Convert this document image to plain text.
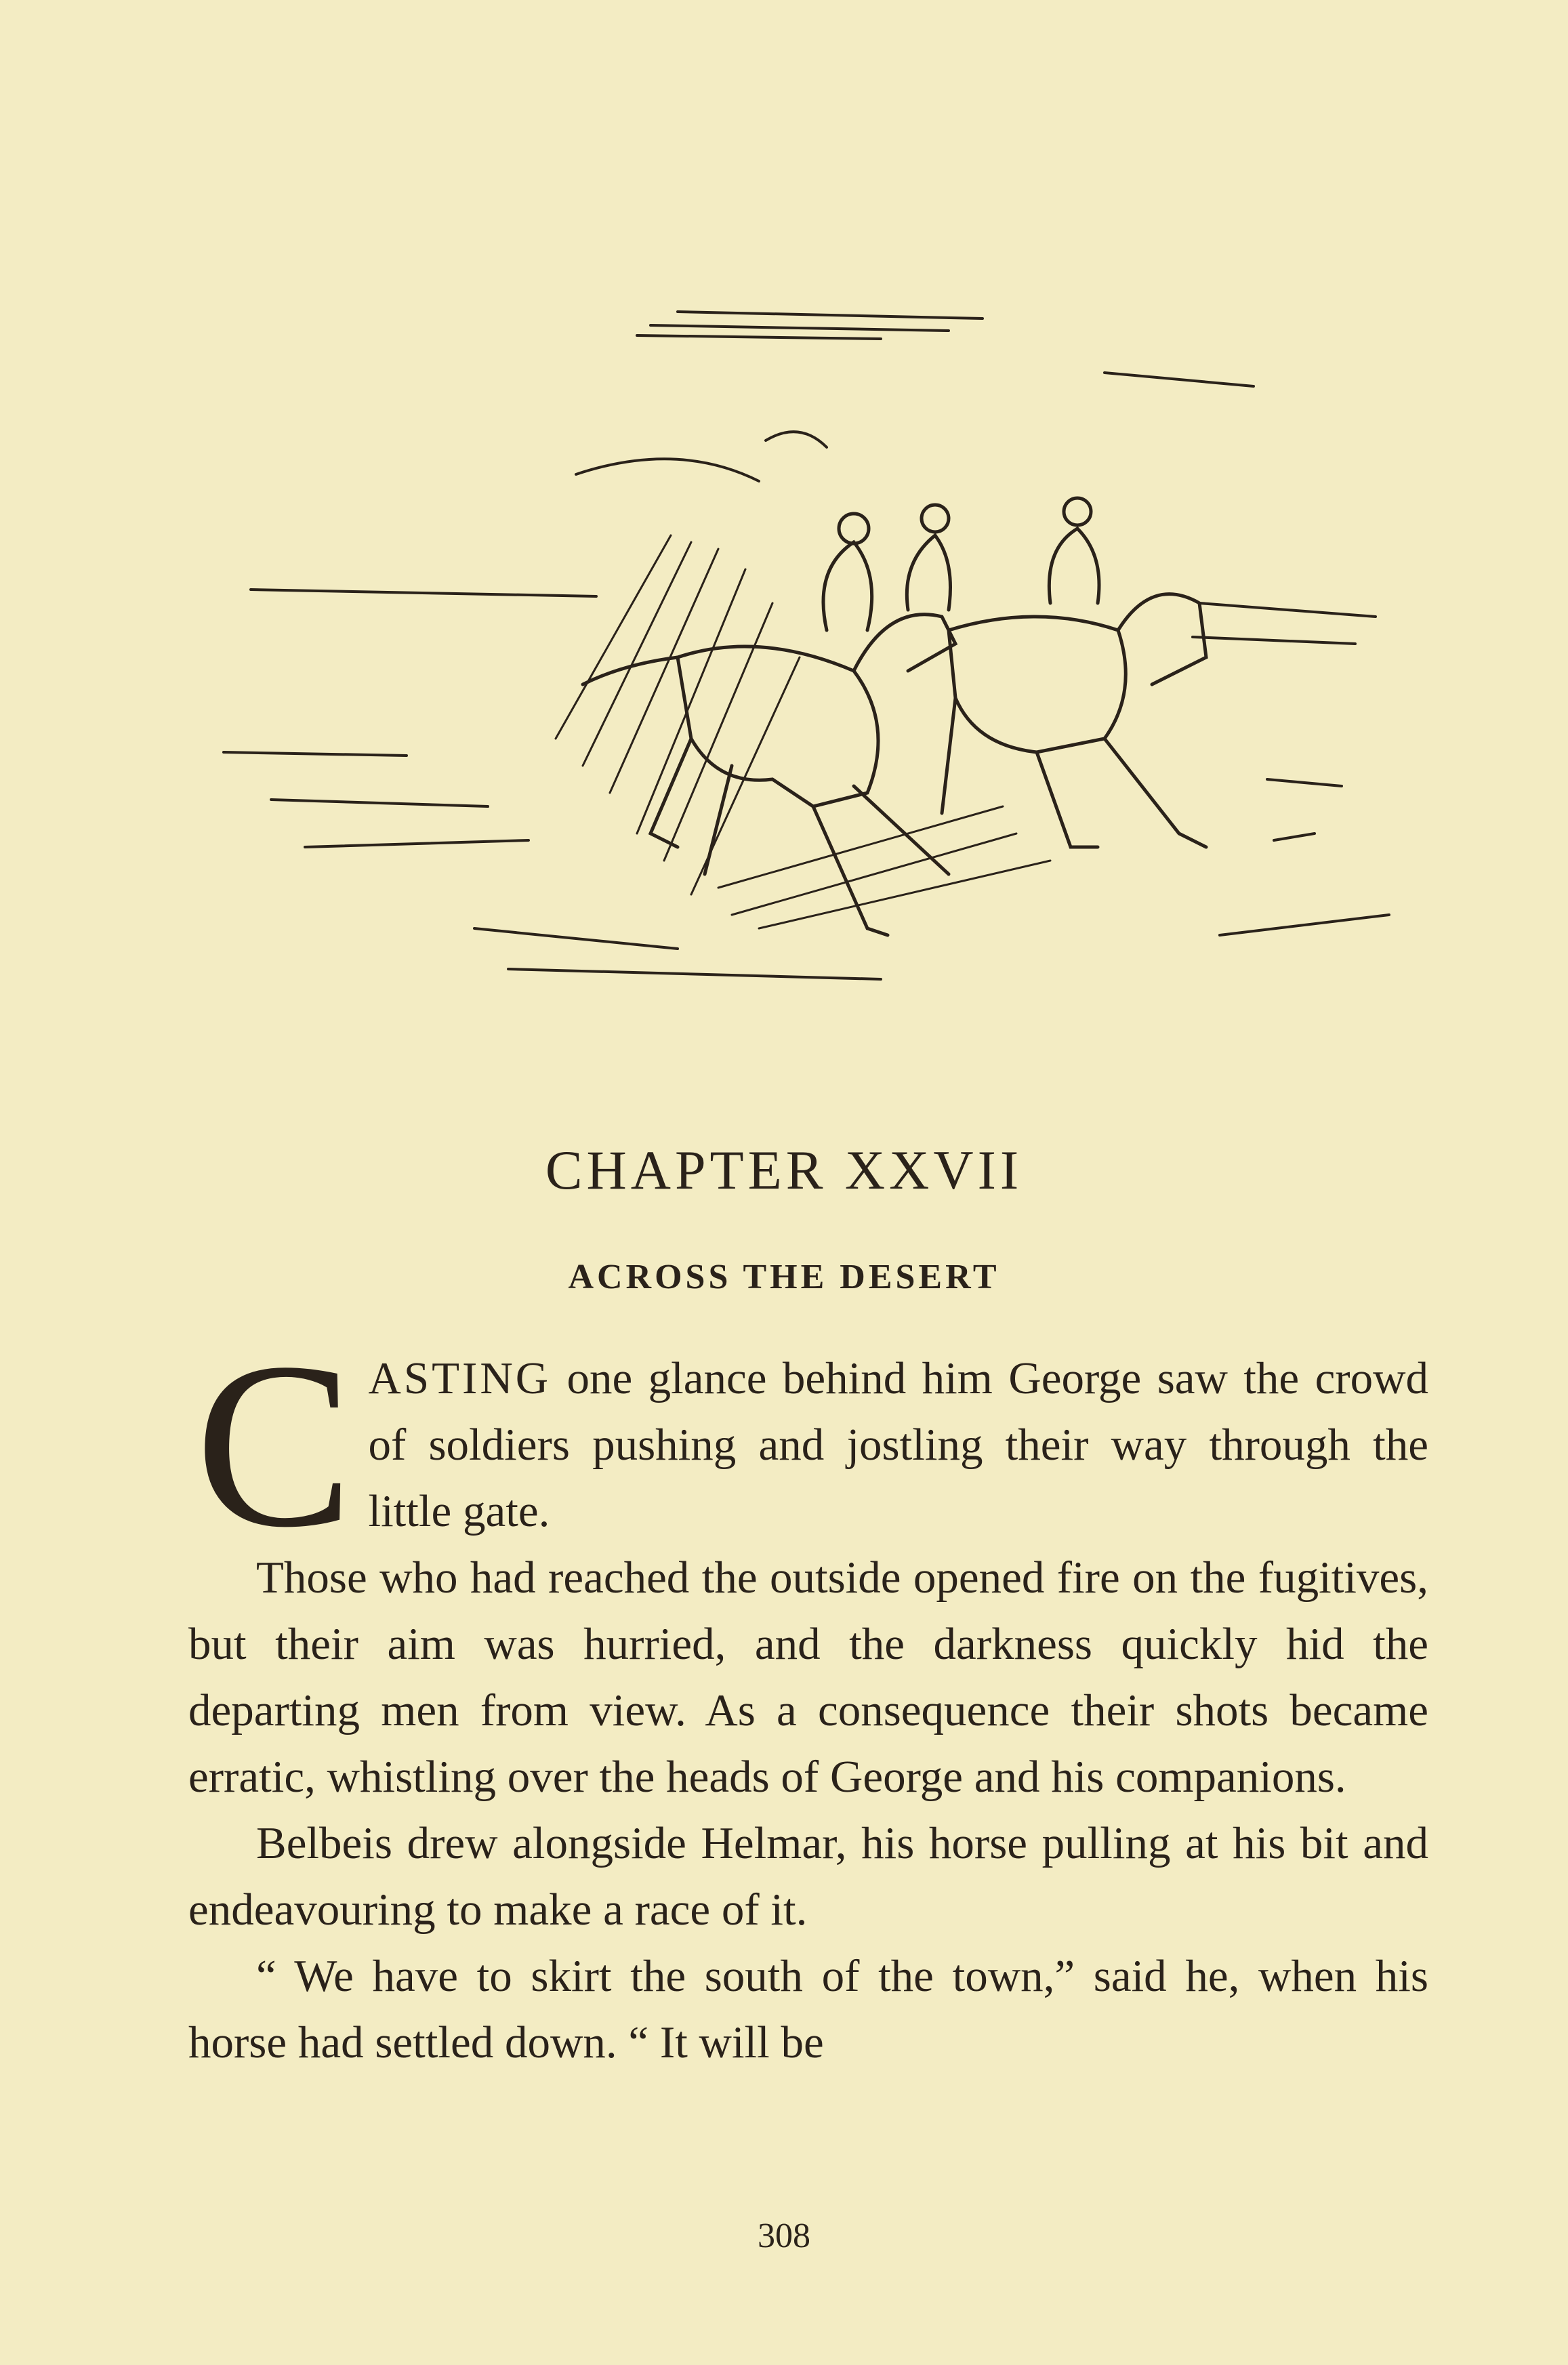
CHAPTER XXVII
ACROSS THE DESERT

C ASTING one glance behind him George saw the crowd of soldiers pushing and jostling their way through the little gate.

Those who had reached the outside opened fire on the fugitives, but their aim was hurried, and the darkness quickly hid the departing men from view. As a consequence their shots became erratic, whistling over the heads of George and his companions.

Belbeis drew alongside Helmar, his horse pulling at his bit and endeavouring to make a race of it.

“ We have to skirt the south of the town,” said he, when his horse had settled down. “ It will be

308
